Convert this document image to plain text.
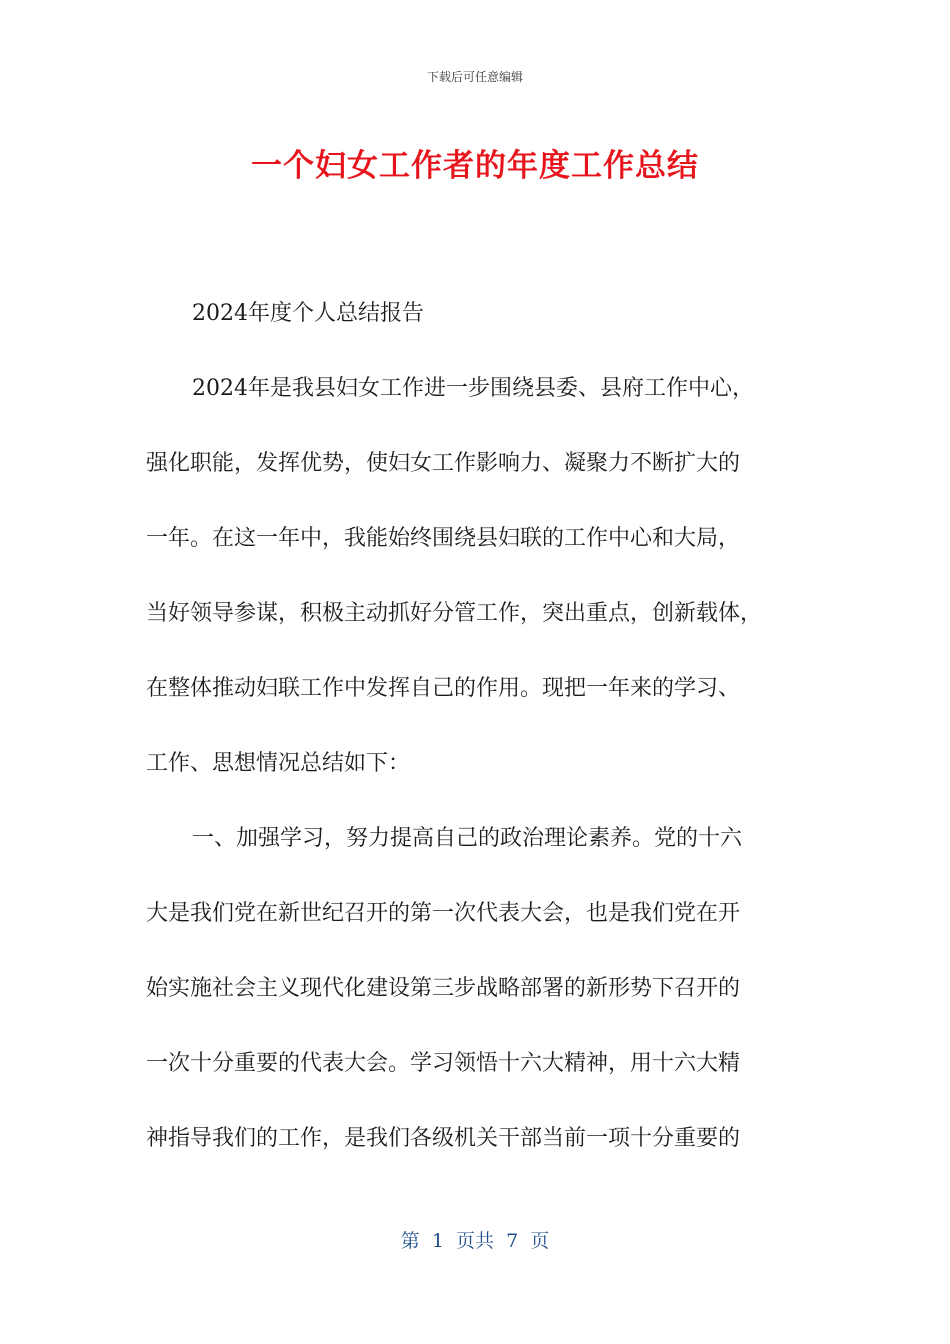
下载后可任意编辑
一个妇女工作者的年度工作总结
2024年度个人总结报告
2024年是我县妇女工作进一步围绕县委、县府工作中心，
强化职能，发挥优势，使妇女工作影响力、凝聚力不断扩大的
一年。在这一年中，我能始终围绕县妇联的工作中心和大局，
当好领导参谋，积极主动抓好分管工作，突出重点，创新载体，
在整体推动妇联工作中发挥自己的作用。现把一年来的学习、
工作、思想情况总结如下：
一、加强学习，努力提高自己的政治理论素养。党的十六
大是我们党在新世纪召开的第一次代表大会，也是我们党在开
始实施社会主义现代化建设第三步战略部署的新形势下召开的
一次十分重要的代表大会。学习领悟十六大精神，用十六大精
神指导我们的工作，是我们各级机关干部当前一项十分重要的
第  1  页共  7  页
